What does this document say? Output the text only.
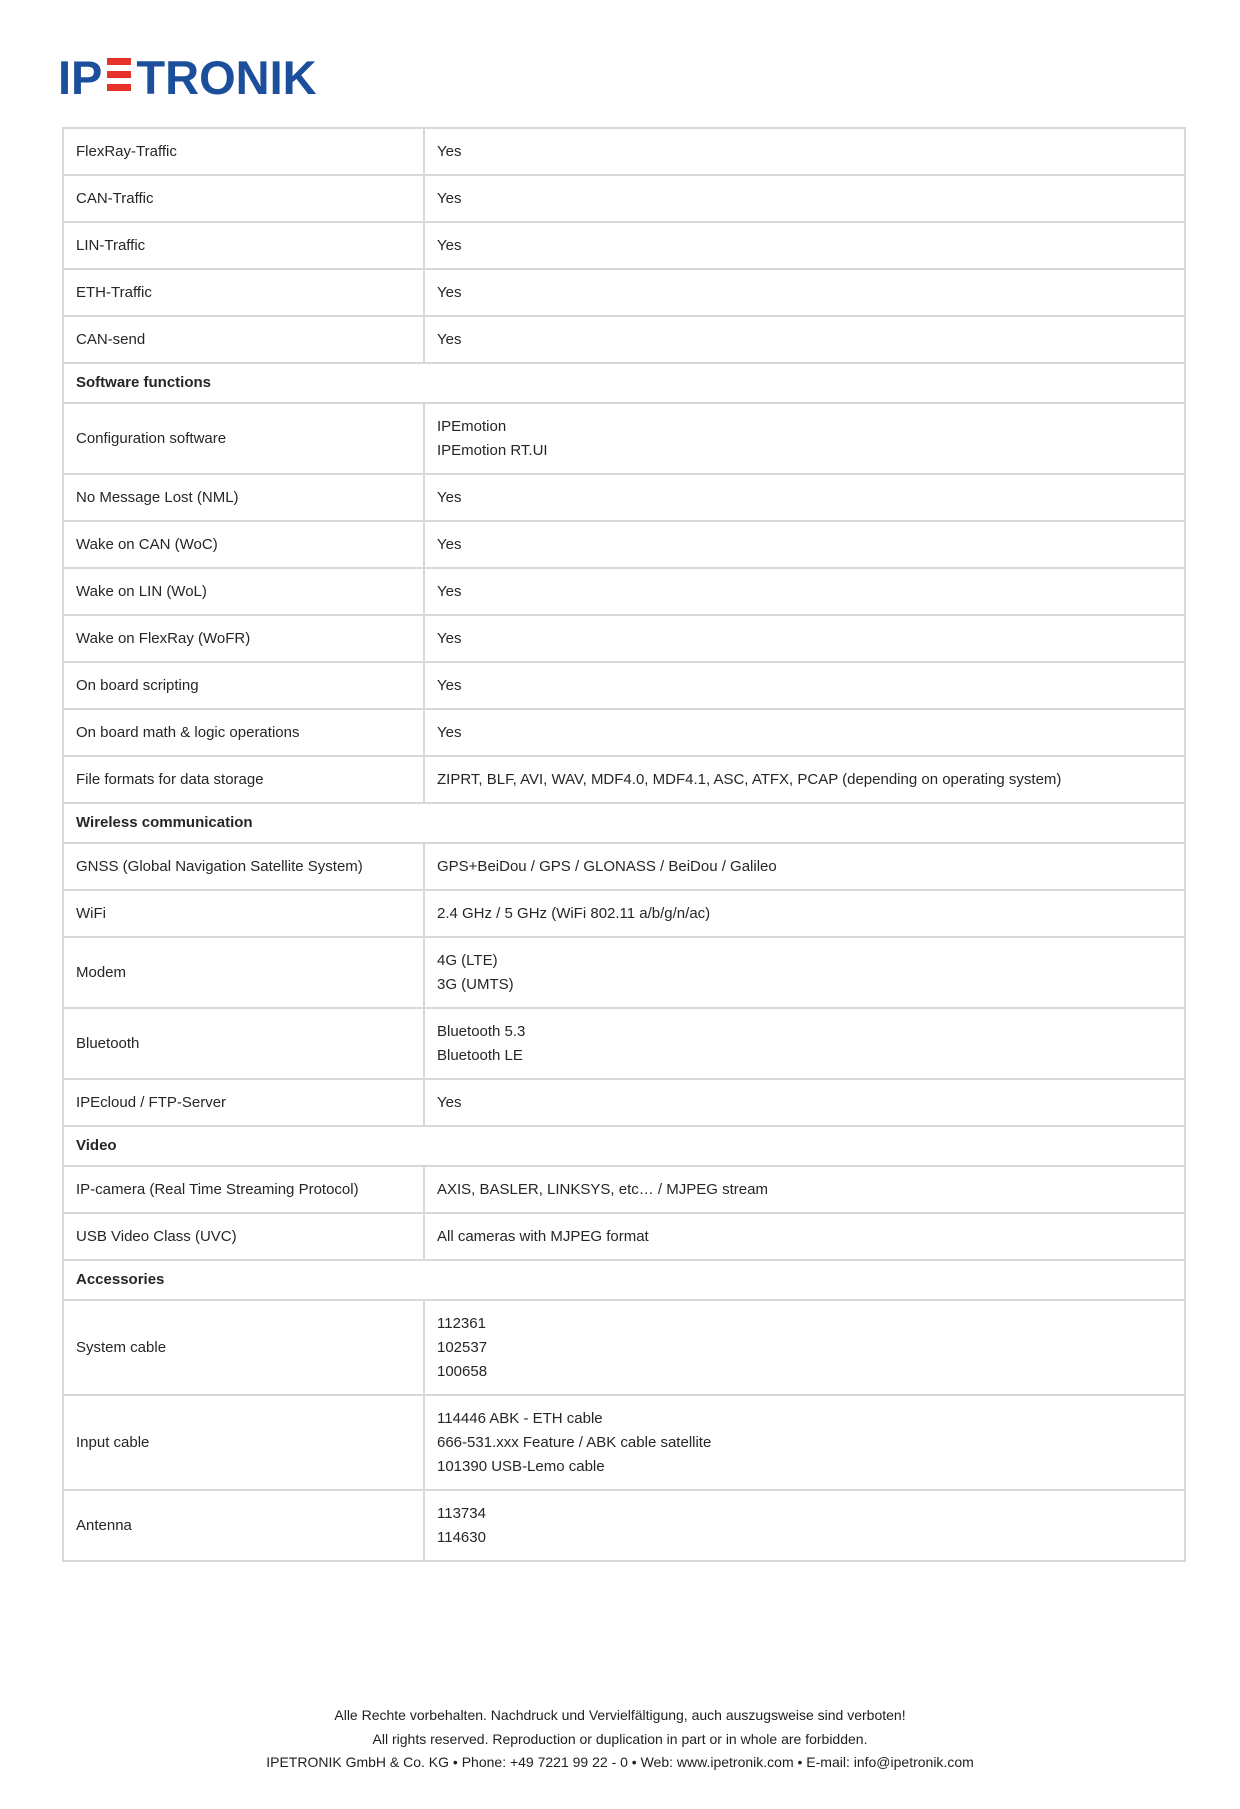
IP TRONIK
FlexRay-Traffic	Yes

CAN-Traffic	Yes

LIN-Traffic	Yes

ETH-Traffic	Yes

CAN-send	Yes

Software functions	
Configuration software	IPEmotion
IPEmotion RT.UI

No Message Lost (NML)	Yes

Wake on CAN (WoC)	Yes

Wake on LIN (WoL)	Yes

Wake on FlexRay (WoFR)	Yes

On board scripting	Yes

On board math & logic operations	Yes

File formats for data storage	ZIPRT, BLF, AVI, WAV, MDF4.0, MDF4.1, ASC, ATFX, PCAP (depending on operating system)

Wireless communication	
GNSS (Global Navigation Satellite System)	GPS+BeiDou / GPS / GLONASS / BeiDou / Galileo

WiFi	2.4 GHz / 5 GHz (WiFi 802.11 a/b/g/n/ac)

Modem	4G (LTE)
3G (UMTS)

Bluetooth	Bluetooth 5.3
Bluetooth LE

IPEcloud / FTP-Server	Yes

Video	
IP-camera (Real Time Streaming Protocol)	AXIS, BASLER, LINKSYS, etc… / MJPEG stream

USB Video Class (UVC)	All cameras with MJPEG format

Accessories	
System cable	112361
102537
100658

Input cable	114446 ABK - ETH cable
666-531.xxx Feature / ABK cable satellite
101390 USB-Lemo cable

Antenna	113734
114630

Alle Rechte vorbehalten. Nachdruck und Vervielfältigung, auch auszugsweise sind verboten!

All rights reserved. Reproduction or duplication in part or in whole are forbidden.

IPETRONIK GmbH & Co. KG • Phone: +49 7221 99 22 - 0 • Web: www.ipetronik.com • E-mail: info@ipetronik.com
